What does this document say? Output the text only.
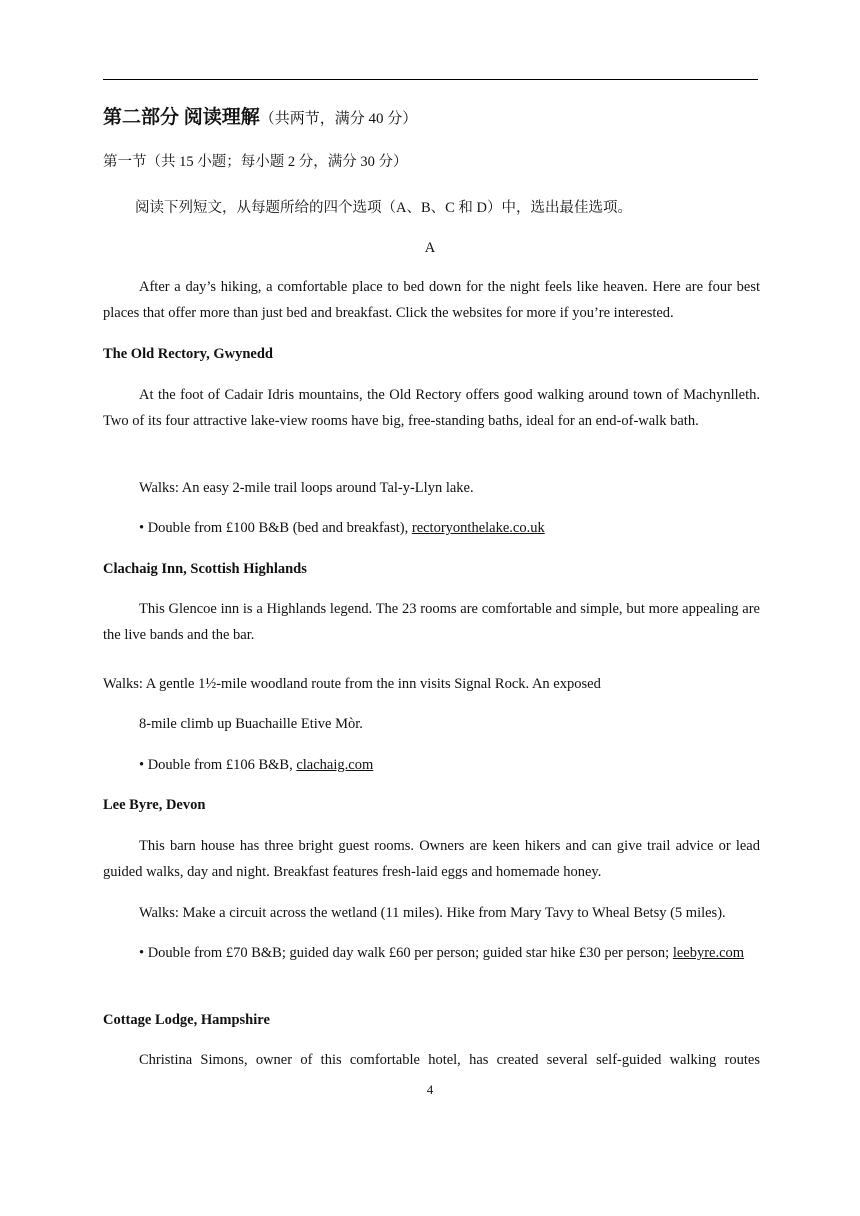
第二部分 阅读理解（共两节，满分 40 分）
第一节（共 15 小题；每小题 2 分，满分 30 分）
阅读下列短文，从每题所给的四个选项（A、B、C 和 D）中，选出最佳选项。
A
After a day’s hiking, a comfortable place to bed down for the night feels like heaven. Here are four best places that offer more than just bed and breakfast. Click the websites for more if you’re interested.
The Old Rectory, Gwynedd
At the foot of Cadair Idris mountains, the Old Rectory offers good walking around town of Machynlleth. Two of its four attractive lake-view rooms have big, free-standing baths, ideal for an end-of-walk bath.
Walks: An easy 2-mile trail loops around Tal-y-Llyn lake.
• Double from £100 B&B (bed and breakfast), rectoryonthelake.co.uk
Clachaig Inn, Scottish Highlands
This Glencoe inn is a Highlands legend. The 23 rooms are comfortable and simple, but more appealing are the live bands and the bar.
Walks: A gentle 1½-mile woodland route from the inn visits Signal Rock. An exposed
8-mile climb up Buachaille Etive Mòr.
• Double from £106 B&B, clachaig.com
Lee Byre, Devon
This barn house has three bright guest rooms. Owners are keen hikers and can give trail advice or lead guided walks, day and night. Breakfast features fresh-laid eggs and homemade honey.
Walks: Make a circuit across the wetland (11 miles). Hike from Mary Tavy to Wheal Betsy (5 miles).
• Double from £70 B&B; guided day walk £60 per person; guided star hike £30 per person; leebyre.com
Cottage Lodge, Hampshire
Christina Simons, owner of this comfortable hotel, has created several self-guided walking routes
4
